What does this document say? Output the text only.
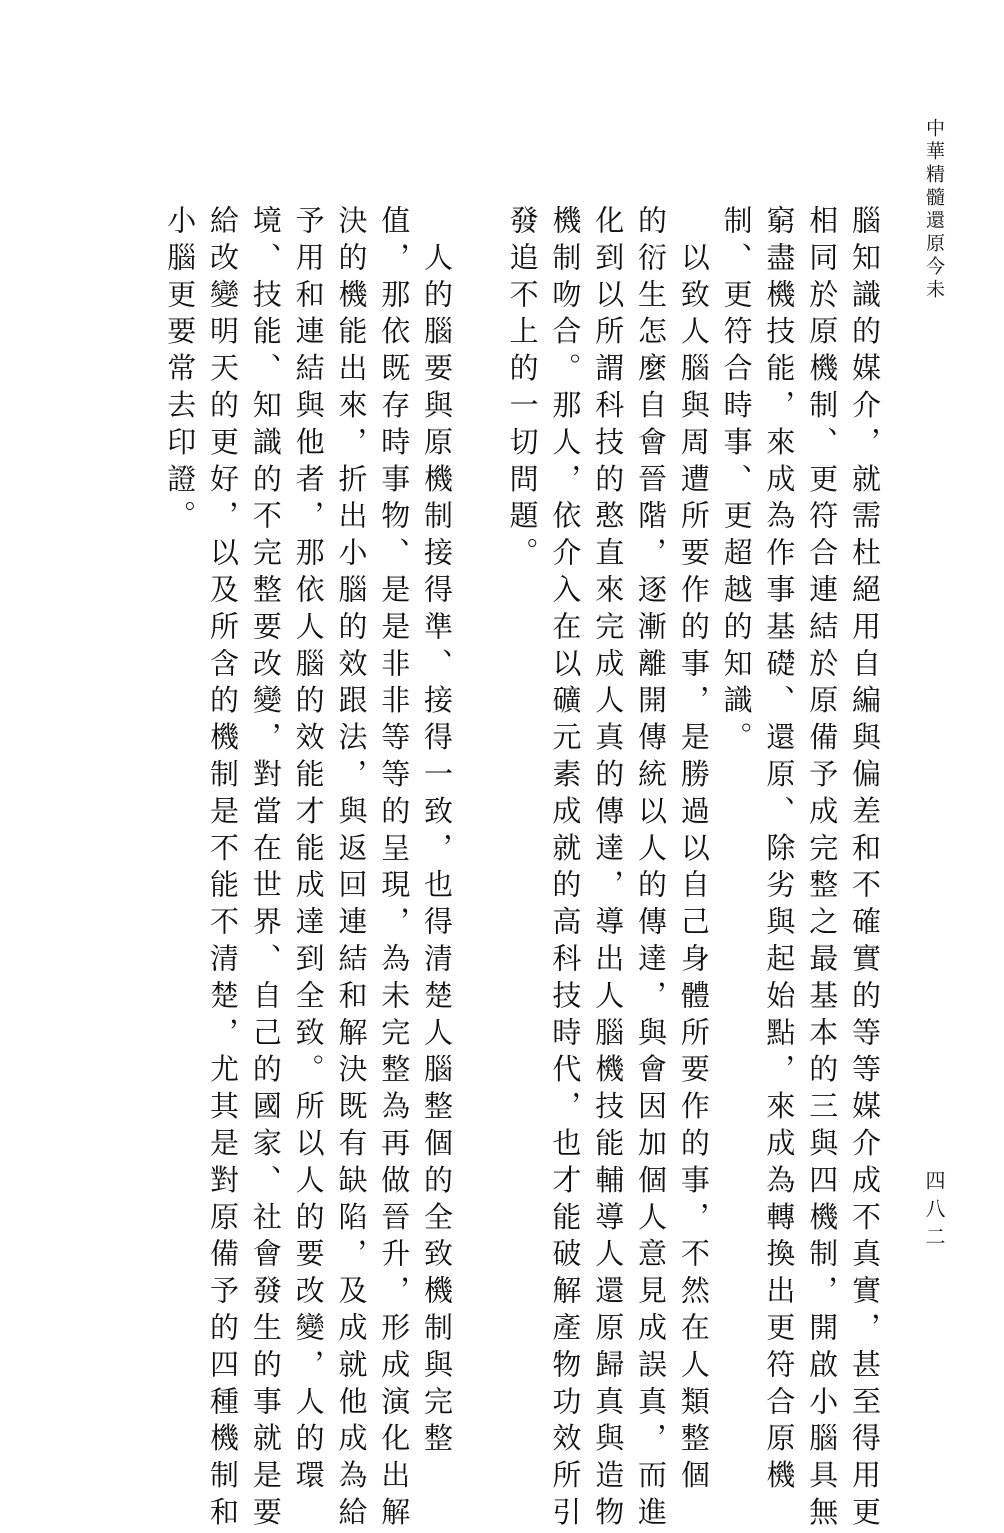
中華精髓還原今未
四八二
腦知識的媒介，就需杜絕用自編與偏差和不確實的等等媒介成不真實，甚至得用更
相同於原機制、更符合連結於原備予成完整之最基本的三與四機制，開啟小腦具無
窮盡機技能，來成為作事基礎、還原、除劣與起始點，來成為轉換出更符合原機
制、更符合時事、更超越的知識。
　以致人腦與周遭所要作的事，是勝過以自己身體所要作的事，不然在人類整個
的衍生怎麼自會晉階，逐漸離開傳統以人的傳達，與會因加個人意見成誤真，而進
化到以所謂科技的憨直來完成人真的傳達，導出人腦機技能輔導人還原歸真與造物
機制吻合。那人，依介入在以礦元素成就的高科技時代，也才能破解產物功效所引
發追不上的一切問題。
　人的腦要與原機制接得準、接得一致，也得清楚人腦整個的全致機制與完整
值，那依既存時事物、是是非非等等的呈現，為未完整為再做晉升，形成演化出解
決的機能出來，折出小腦的效跟法，與返回連結和解決既有缺陷，及成就他成為給
予用和連結與他者，那依人腦的效能才能成達到全致。所以人的要改變，人的環
境、技能、知識的不完整要改變，對當在世界、自己的國家、社會發生的事就是要
給改變明天的更好，以及所含的機制是不能不清楚，尤其是對原備予的四種機制和
小腦更要常去印證。
